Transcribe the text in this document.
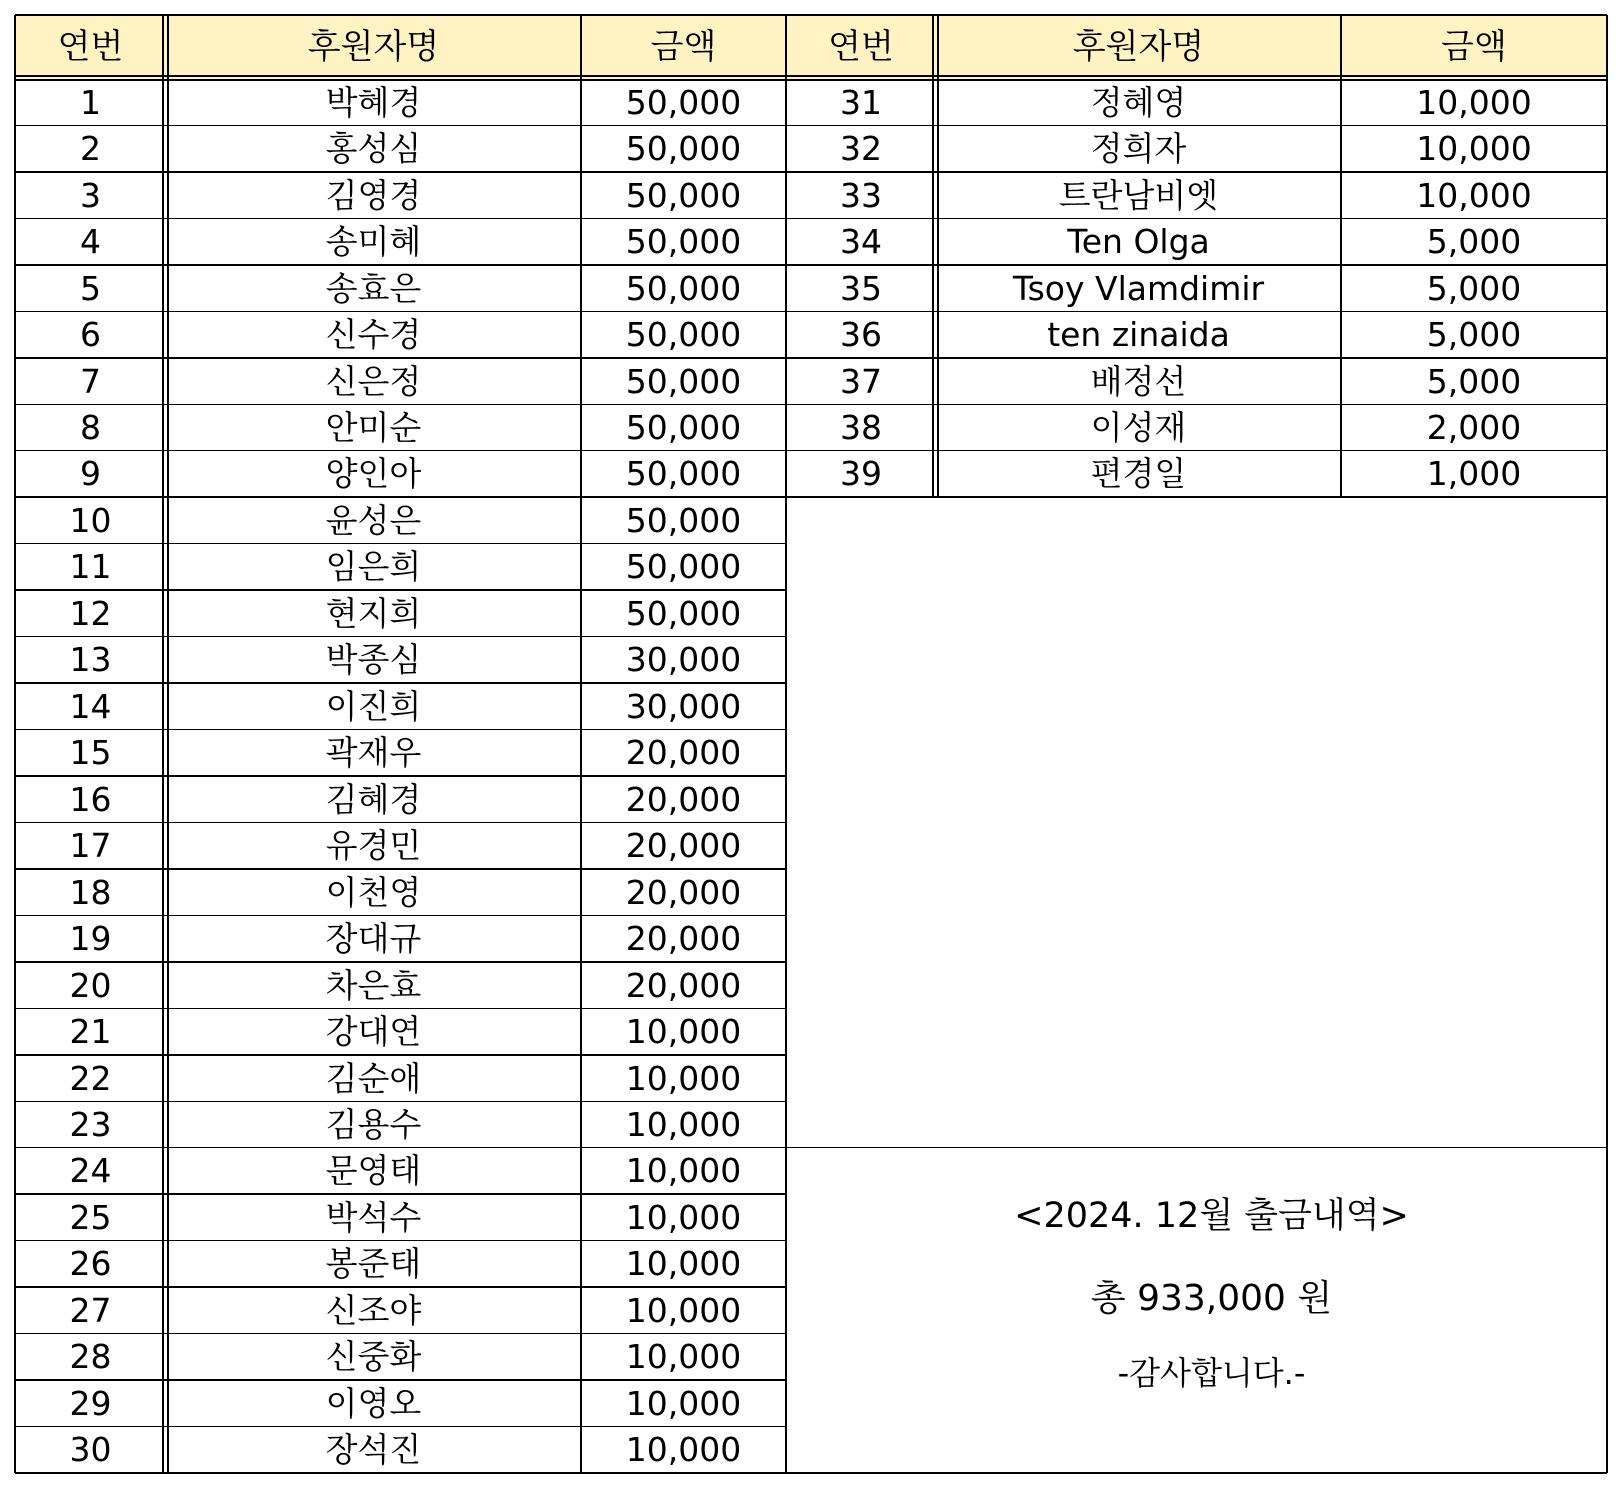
연번	후원자명	금액	연번	후원자명	금액
1	박혜경	50,000
2	홍성심	50,000
3	김영경	50,000
4	송미혜	50,000
5	송효은	50,000
6	신수경	50,000
7	신은정	50,000
8	안미순	50,000
9	양인아	50,000
10	윤성은	50,000
11	임은희	50,000
12	현지희	50,000
13	박종심	30,000
14	이진희	30,000
15	곽재우	20,000
16	김혜경	20,000
17	유경민	20,000
18	이천영	20,000
19	장대규	20,000
20	차은효	20,000
21	강대연	10,000
22	김순애	10,000
23	김용수	10,000
24	문영태	10,000
25	박석수	10,000
26	봉준태	10,000
27	신조야	10,000
28	신중화	10,000
29	이영오	10,000
30	장석진	10,000
31	정혜영	10,000
32	정희자	10,000
33	트란남비엣	10,000
34	Ten Olga	5,000
35	Tsoy Vlamdimir	5,000
36	ten zinaida	5,000
37	배정선	5,000
38	이성재	2,000
39	편경일	1,000
<2024. 12월 출금내역>
총 933,000 원
-감사합니다.-
